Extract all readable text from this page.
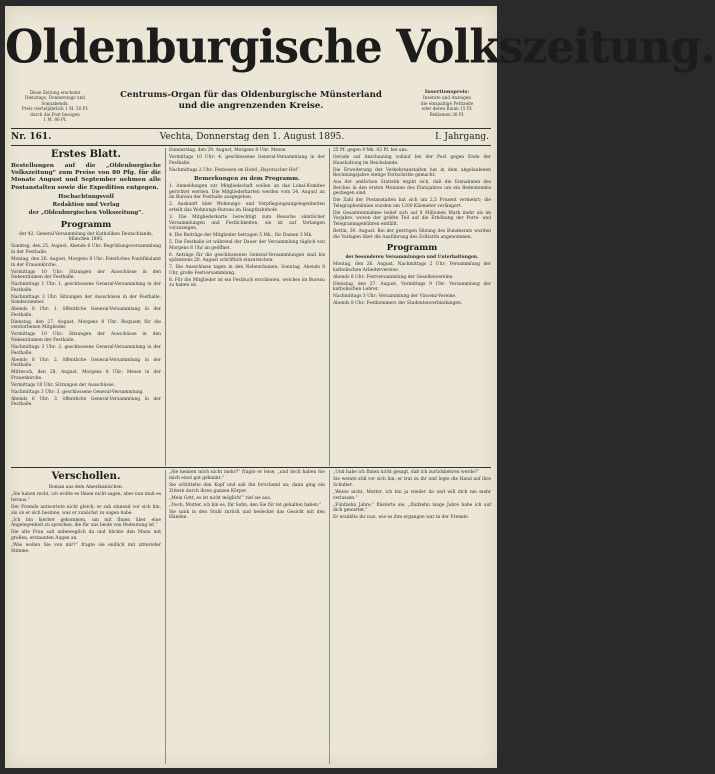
Oldenburgische Volkszeitung.
Diese Zeitung erscheint
Dienstags, Donnerstags und Sonnabends.
Preis vierteljährlich 1 M. 50 Pf.
durch die Post bezogen
1 M. 80 Pf.
Centrums-Organ für das Oldenburgische Münsterland
und die angrenzenden Kreise.
Insertionspreis:
Inserate und Anzeigen
die einspaltige Petitzeile
oder deren Raum 15 Pf.
Reklamen 30 Pf.
Nr. 161.	Vechta, Donnerstag den 1. August 1895.	I. Jahrgang.
Erstes Blatt.
Bestellungen auf die „Oldenburgische Volkszeitung“ zum Preise von 80 Pfg. für die Monate August und September nehmen alle Postanstalten sowie die Expedition entgegen.
Hochachtungsvoll
Redaktion und Verlag
der „Oldenburgischen Volkszeitung“.
Programm
der 42. General-Versammlung der Katholiken Deutschlands, München 1895.
Sonntag, den 25. August, Abends 6 Uhr: Begrüßungsversammlung in der Festhalle.
Montag, den 26. August, Morgens 8 Uhr: Feierliches Pontifikalamt in der Frauenkirche.
Vormittags 10 Uhr: Sitzungen der Ausschüsse in den Nebenräumen der Festhalle.
Nachmittags 1 Uhr: 1. geschlossene General-Versammlung in der Festhalle.
Nachmittags 3 Uhr: Sitzungen der Ausschüsse in der Festhalle, Sonderzimmer.
Abends 6 Uhr: 1. öffentliche General-Versammlung in der Festhalle.
Dienstag, den 27. August, Morgens 8 Uhr: Requiem für die verstorbenen Mitglieder.
Vormittags 10 Uhr: Sitzungen der Ausschüsse in den Nebenräumen der Festhalle.
Nachmittags 3 Uhr: 2. geschlossene General-Versammlung in der Festhalle.
Abends 6 Uhr: 2. öffentliche General-Versammlung in der Festhalle.
Mittwoch, den 28. August, Morgens 8 Uhr: Messe in der Frauenkirche.
Vormittags 10 Uhr: Sitzungen der Ausschüsse.
Nachmittags 3 Uhr: 3. geschlossene General-Versammlung.
Abends 6 Uhr: 3. öffentliche General-Versammlung in der Festhalle.
Donnerstag, den 29. August, Morgens 8 Uhr: Messe.
Vormittags 10 Uhr: 4. geschlossene General-Versammlung in der Festhalle.
Nachmittags 2 Uhr: Festessen im Hotel „Bayerischer Hof“.
Bemerkungen zu dem Programm.
1. Anmeldungen zur Mitgliedschaft wollen an das Lokal-Komitee gerichtet werden. Die Mitgliederkarten werden vom 24. August an im Bureau der Festhalle ausgegeben.
2. Auskunft über Wohnungs- und Verpflegungsangelegenheiten erteilt das Wohnungs-Bureau im Hauptbahnhofe.
3. Die Mitgliederkarte berechtigt zum Besuche sämtlicher Versammlungen und Festlichkeiten, sie ist auf Verlangen vorzuzeigen.
4. Die Beiträge der Mitglieder betragen 5 Mk., für Damen 3 Mk.
5. Die Festhalle ist während der Dauer der Versammlung täglich von Morgens 8 Uhr an geöffnet.
6. Anträge für die geschlossenen General-Versammlungen sind bis spätestens 20. August schriftlich einzureichen.
7. Die Ausschüsse tagen in den Nebenräumen; Sonntag, Abends 8 Uhr, große Festversammlung.
8. Für die Mitglieder ist ein Festbuch erschienen, welches im Bureau zu haben ist.
25 Pf. gegen 9 Mk. 83 Pf. bei uns.
Gerade auf Anschauung vollauf bei der Post gegen Ende der Haushaltung im Reichslande.
Die Erweiterung der Verkehrsanstalten hat in dem abgelaufenen Rechnungsjahre stetige Fortschritte gemacht.
Aus der amtlichen Statistik ergibt sich, daß die Einnahmen des Reiches in den ersten Monaten des Etatsjahres um ein Bedeutendes gestiegen sind.
Die Zahl der Postanstalten hat sich um 2,5 Prozent vermehrt; die Telegraphenlinien wurden um 1200 Kilometer verlängert.
Die Gesamteinnahme belief sich auf 8 Millionen Mark mehr als im Vorjahre, wovon der größte Teil auf die Erhöhung der Porto- und Telegrammgebühren entfällt.
Berlin, 30. August. Bei der gestrigen Sitzung des Bundesrats wurden die Vorlagen über die Ausführung des Zolltarifs angenommen.
Programm
der besonderen Versammlungen und Unterhaltungen.
Montag, den 26. August, Nachmittags 2 Uhr: Versammlung der katholischen Arbeitervereine.
Abends 8 Uhr: Festversammlung der Gesellenvereine.
Dienstag, den 27. August, Vormittags 9 Uhr: Versammlung der katholischen Lehrer.
Nachmittags 3 Uhr: Versammlung der Vincenz-Vereine.
Abends 8 Uhr: Festkommers der Studentenverbindungen.
Verschollen.
Roman aus dem Amerikanischen.
„Sie haben recht, ich wollte es Ihnen nicht sagen, aber nun muß es heraus.“
Der Fremde antwortete nicht gleich; er sah sinnend vor sich hin, als ob er sich besinne, was er zunächst zu sagen habe.
„Ich bin hierher gekommen, um mit Ihnen über eine Angelegenheit zu sprechen, die für uns beide von Bedeutung ist.“
Die alte Frau saß unbeweglich da und blickte den Mann mit großen, erstaunten Augen an.
„Was wollen Sie von mir?“ fragte sie endlich mit zitternder Stimme.
„Sie kennen mich nicht mehr?“ fragte er leise, „und doch haben Sie mich einst gut gekannt.“
Sie schüttelte den Kopf und sah ihn forschend an; dann ging ein Zittern durch ihren ganzen Körper.
„Mein Gott, es ist nicht möglich!“ rief sie aus.
„Doch, Mutter, ich bin es, Ihr Sohn, den Sie für tot gehalten haben.“
Sie sank in den Stuhl zurück und bedeckte das Gesicht mit den Händen.
„Und habe ich Ihnen nicht gesagt, daß ich zurückkehren werde?“
Sie weinte still vor sich hin; er trat zu ihr und legte die Hand auf ihre Schulter.
„Weine nicht, Mutter, ich bin ja wieder da und will dich nie mehr verlassen.“
„Fünfzehn Jahre,“ flüsterte sie, „fünfzehn lange Jahre habe ich auf dich gewartet.“
Er erzählte ihr nun, wie es ihm ergangen war in der Fremde.
